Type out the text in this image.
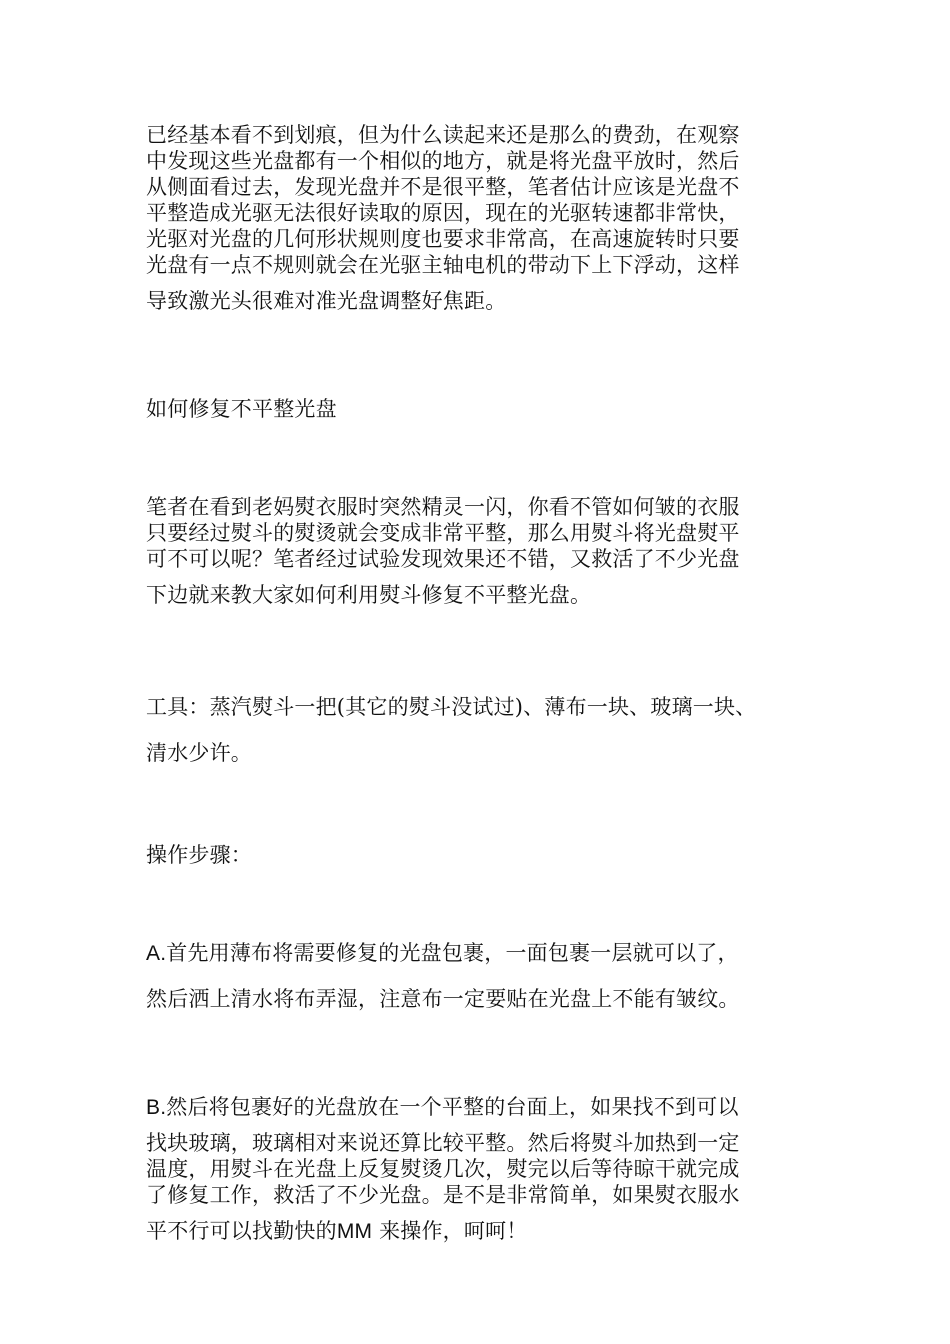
已经基本看不到划痕，但为什么读起来还是那么的费劲，在观察
中发现这些光盘都有一个相似的地方，就是将光盘平放时，然后
从侧面看过去，发现光盘并不是很平整，笔者估计应该是光盘不
平整造成光驱无法很好读取的原因，现在的光驱转速都非常快，
光驱对光盘的几何形状规则度也要求非常高，在高速旋转时只要
光盘有一点不规则就会在光驱主轴电机的带动下上下浮动，这样
导致激光头很难对准光盘调整好焦距。
如何修复不平整光盘
笔者在看到老妈熨衣服时突然精灵一闪，你看不管如何皱的衣服
只要经过熨斗的熨烫就会变成非常平整，那么用熨斗将光盘熨平
可不可以呢？笔者经过试验发现效果还不错，又救活了不少光盘
下边就来教大家如何利用熨斗修复不平整光盘。
工具：蒸汽熨斗一把(其它的熨斗没试过)、薄布一块、玻璃一块、
清水少许。
操作步骤：
A.首先用薄布将需要修复的光盘包裹，一面包裹一层就可以了，
然后洒上清水将布弄湿，注意布一定要贴在光盘上不能有皱纹。
B.然后将包裹好的光盘放在一个平整的台面上，如果找不到可以
找块玻璃，玻璃相对来说还算比较平整。然后将熨斗加热到一定
温度，用熨斗在光盘上反复熨烫几次，熨完以后等待晾干就完成
了修复工作，救活了不少光盘。是不是非常简单，如果熨衣服水
平不行可以找勤快的MM 来操作，呵呵！
